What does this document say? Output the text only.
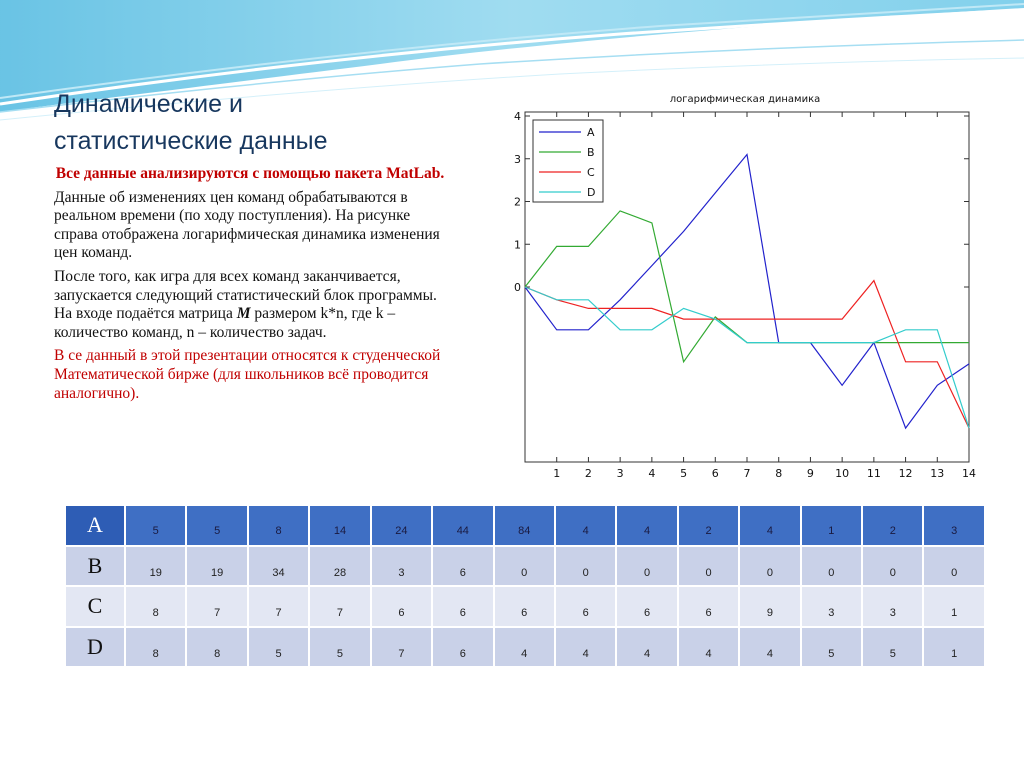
Динамические и
статистические данные

Все данные анализируются с помощью пакета MatLab.

Данные об изменениях цен команд обрабатываются в реальном времени (по ходу поступления). На рисунке справа отображена логарифмическая динамика изменения цен команд.

После того, как игра для всех команд заканчивается, запускается следующий статистический блок программы. На входе подаётся матрица M размером k*n, где k – количество команд, n – количество задач.

В се данный в этой презентации относятся к студенческой Математической бирже (для школьников всё проводится аналогично).

логарифмическая динамика
0
1
2
3
4
1 2 3 4 5 6 7 8 9 10 11 12 13 14
A
B
C
D
A	5	5	8	14	24	44	84	4	4	2	4	1	2	3
B	19	19	34	28	3	6	0	0	0	0	0	0	0	0
C	8	7	7	7	6	6	6	6	6	6	9	3	3	1
D	8	8	5	5	7	6	4	4	4	4	4	5	5	1
